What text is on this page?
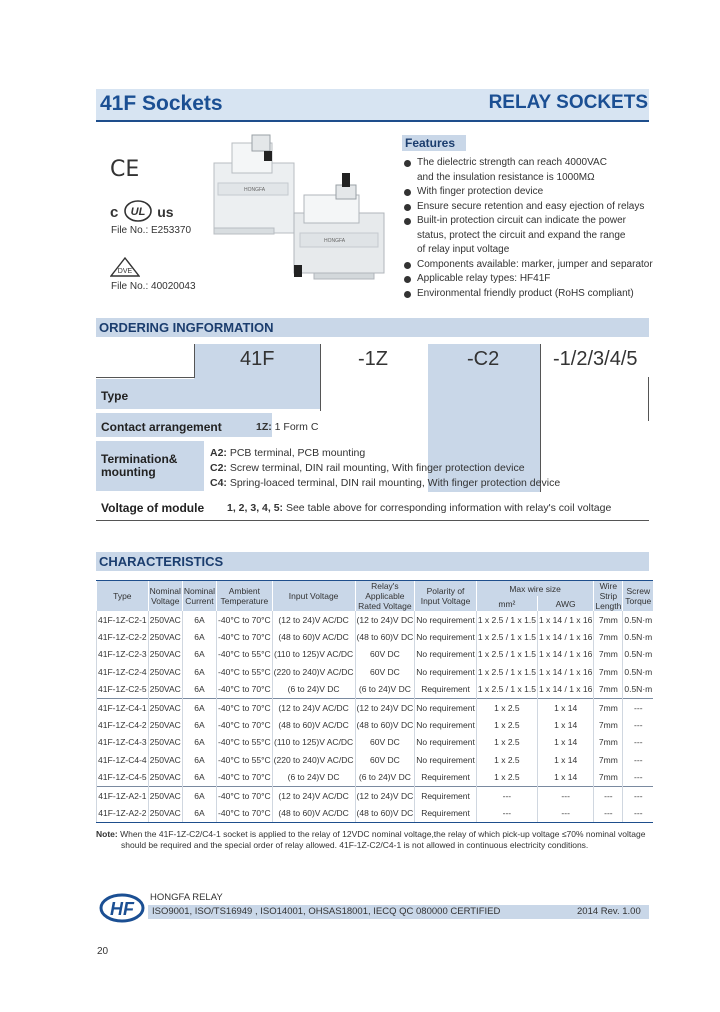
41F Sockets	RELAY SOCKETS
CE
c UL us
File No.: E253370
DVE
File No.: 40020043
HONGFA
HONGFA
Features
The dielectric strength can reach 4000VAC
and the insulation resistance is 1000MΩ
With finger protection device
Ensure secure retention and easy ejection of relays
Built-in protection circuit can indicate the power
status, protect the circuit and expand the range
of relay input voltage
Components available: marker, jumper and separator
Applicable relay types: HF41F
Environmental friendly product (RoHS compliant)
ORDERING INGFORMATION
41F	-1Z	-C2	-1/2/3/4/5
Type
Contact arrangement	1Z: 1 Form C
Termination& mounting
A2: PCB terminal, PCB mounting
C2: Screw terminal, DIN rail mounting, With finger protection device
C4: Spring-loaced terminal, DIN rail mounting, With finger protection device
Voltage of module 1, 2, 3, 4, 5: See table above for corresponding information with relay's coil voltage
CHARACTERISTICS
Type	Nominal Voltage	Nominal Current	Ambient Temperature	Input Voltage	Relay's Applicable Rated Voltage	Polarity of Input Voltage	Max wire size		Wire Strip Length	Screw Torque
							mm²	AWG		
41F-1Z-C2-1	250VAC	6A	-40°C to 70°C	(12 to 24)V AC/DC	(12 to 24)V DC	No requirement	1 x 2.5 / 1 x 1.5	1 x 14 / 1 x 16	7mm	0.5N·m
41F-1Z-C2-2	250VAC	6A	-40°C to 70°C	(48 to 60)V AC/DC	(48 to 60)V DC	No requirement	1 x 2.5 / 1 x 1.5	1 x 14 / 1 x 16	7mm	0.5N·m
41F-1Z-C2-3	250VAC	6A	-40°C to 55°C	(110 to 125)V AC/DC	60V DC	No requirement	1 x 2.5 / 1 x 1.5	1 x 14 / 1 x 16	7mm	0.5N·m
41F-1Z-C2-4	250VAC	6A	-40°C to 55°C	(220 to 240)V AC/DC	60V DC	No requirement	1 x 2.5 / 1 x 1.5	1 x 14 / 1 x 16	7mm	0.5N·m
41F-1Z-C2-5	250VAC	6A	-40°C to 70°C	(6 to 24)V DC	(6 to 24)V DC	Requirement	1 x 2.5 / 1 x 1.5	1 x 14 / 1 x 16	7mm	0.5N·m
41F-1Z-C4-1	250VAC	6A	-40°C to 70°C	(12 to 24)V AC/DC	(12 to 24)V DC	No requirement	1 x 2.5	1 x 14	7mm	---
41F-1Z-C4-2	250VAC	6A	-40°C to 70°C	(48 to 60)V AC/DC	(48 to 60)V DC	No requirement	1 x 2.5	1 x 14	7mm	---
41F-1Z-C4-3	250VAC	6A	-40°C to 55°C	(110 to 125)V AC/DC	60V DC	No requirement	1 x 2.5	1 x 14	7mm	---
41F-1Z-C4-4	250VAC	6A	-40°C to 55°C	(220 to 240)V AC/DC	60V DC	No requirement	1 x 2.5	1 x 14	7mm	---
41F-1Z-C4-5	250VAC	6A	-40°C to 70°C	(6 to 24)V DC	(6 to 24)V DC	Requirement	1 x 2.5	1 x 14	7mm	---
41F-1Z-A2-1	250VAC	6A	-40°C to 70°C	(12 to 24)V AC/DC	(12 to 24)V DC	Requirement	---	---	---	---
41F-1Z-A2-2	250VAC	6A	-40°C to 70°C	(48 to 60)V AC/DC	(48 to 60)V DC	Requirement	---	---	---	---
Note: When the 41F-1Z-C2/C4-1 socket is applied to the relay of 12VDC nominal voltage,the relay of which pick-up voltage ≤70% nominal voltage
should be required and the special order of relay allowed. 41F-1Z-C2/C4-1 is not allowed in continuous electricity conditions.
HF
HONGFA RELAY
ISO9001, ISO/TS16949 , ISO14001, OHSAS18001, IECQ QC 080000 CERTIFIED	2014 Rev. 1.00
20
